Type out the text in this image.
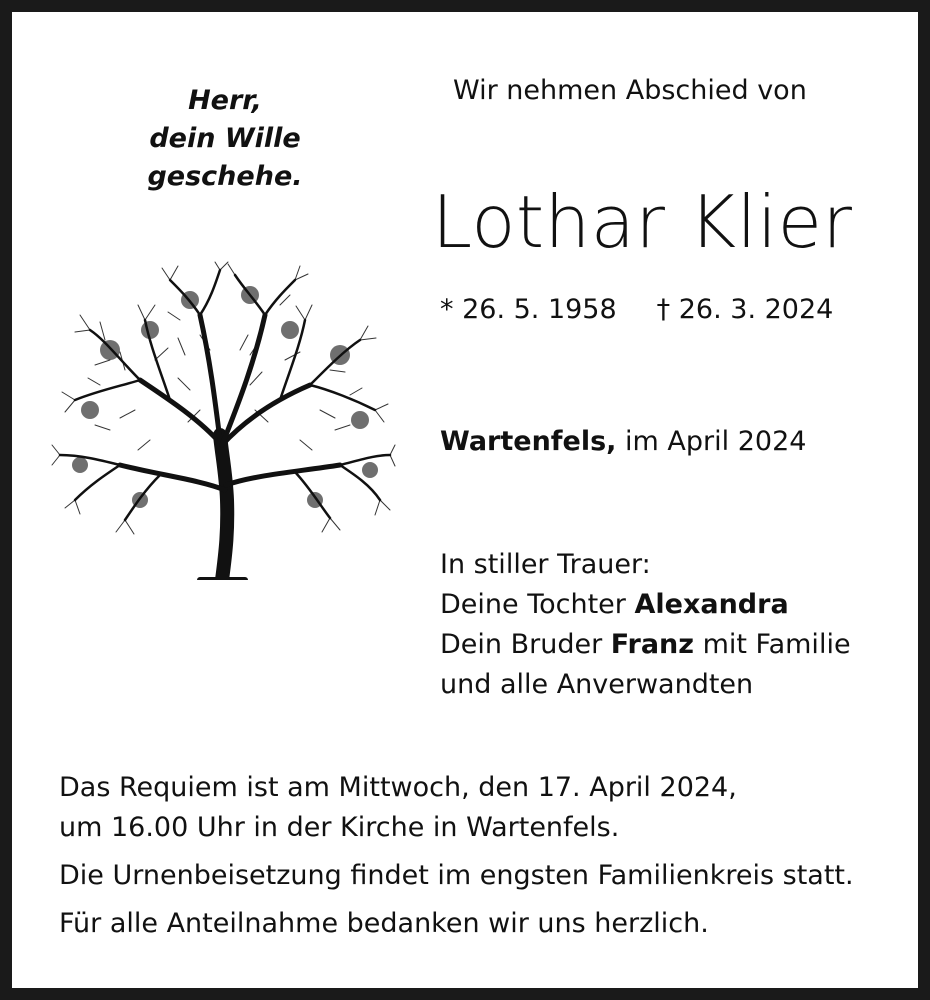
Herr,
dein Wille
geschehe.
Wir nehmen Abschied von
Lothar Klier
* 26. 5. 1958 † 26. 3. 2024
Wartenfels, im April 2024
In stiller Trauer:
Deine Tochter Alexandra
Dein Bruder Franz mit Familie
und alle Anverwandten
Das Requiem ist am Mittwoch, den 17. April 2024,
um 16.00 Uhr in der Kirche in Wartenfels.
Die Urnenbeisetzung findet im engsten Familienkreis statt.
Für alle Anteilnahme bedanken wir uns herzlich.
